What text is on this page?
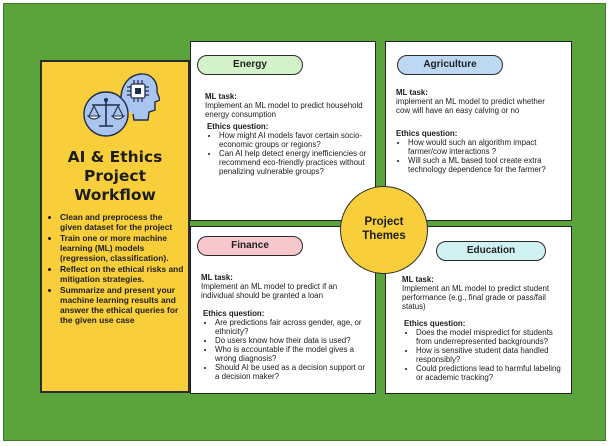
AI & Ethics
Project
Workflow
• Clean and preprocess the given dataset for the project
• Train one or more machine learning (ML) models (regression, classification).
• Reflect on the ethical risks and mitigation strategies.
• Summarize and present your machine learning results and answer the ethical queries for the given use case
Energy
ML task:
Implement an ML model to predict household energy consumption
Ethics question:
• How might AI models favor certain socio-economic groups or regions?
• Can AI help detect energy inefficiencies or recommend eco-friendly practices without penalizing vulnerable groups?
Agriculture
ML task:
implement an ML model to predict whether cow will have an easy calving or no
Ethics question:
• How would such an algorithm impact farmer/cow interactions ?
• Will such a ML based tool create extra technology dependence for the farmer?
Finance
ML task:
Implement an ML model to predict if an individual should be granted a loan
Ethics question:
• Are predictions fair across gender, age, or ethnicity?
• Do users know how their data is used?
• Who is accountable if the model gives a wrong diagnosis?
• Should AI be used as a decision support or a decision maker?
Education
ML task:
Implement an ML model to predict student performance (e.g., final grade or pass/fail status)
Ethics question:
• Does the model mispredict for students from underrepresented backgrounds?
• How is sensitive student data handled responsibly?
• Could predictions lead to harmful labeling or academic tracking?
Project
Themes
